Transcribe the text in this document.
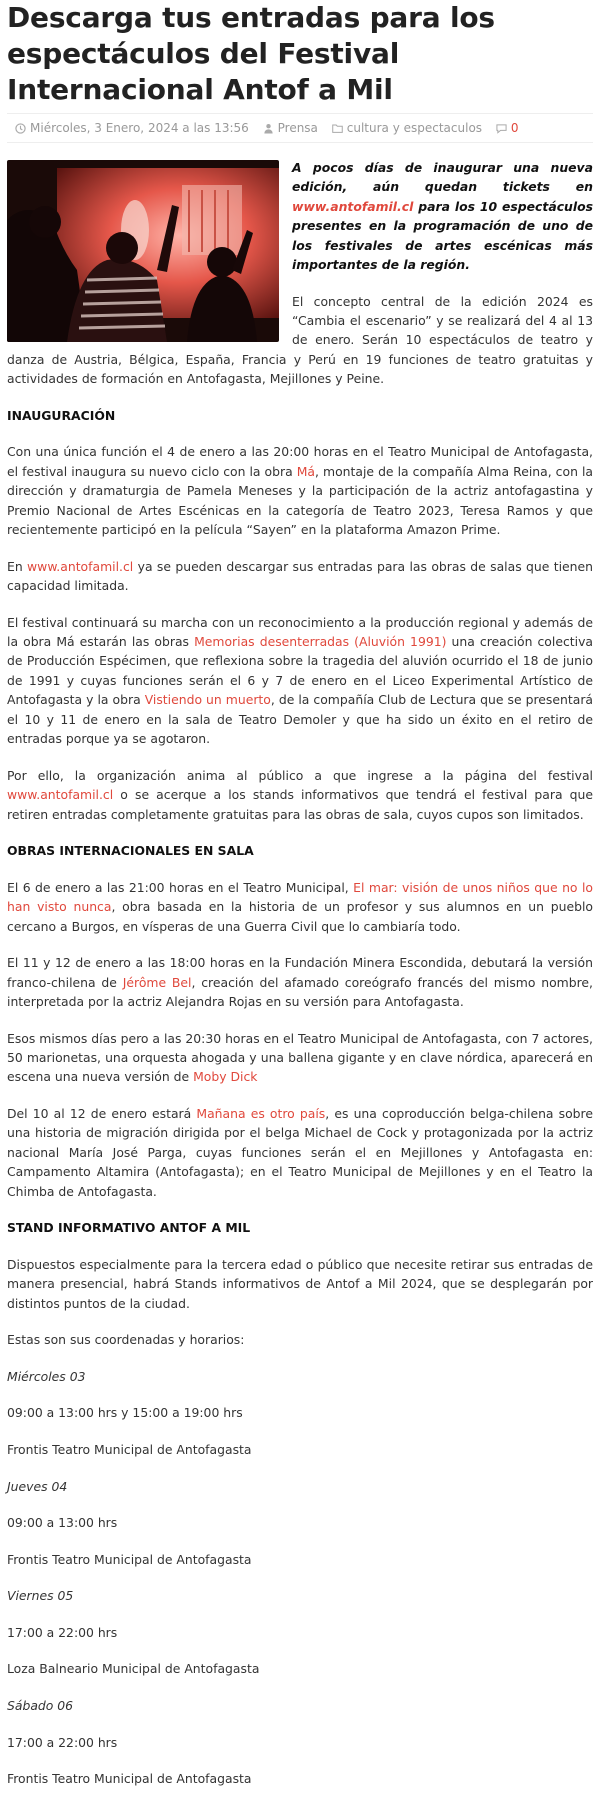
Descarga tus entradas para los espectáculos del Festival Internacional Antof a Mil
Miércoles, 3 Enero, 2024 a las 13:56
Prensa
cultura y espectaculos
0

A pocos días de inaugurar una nueva edición, aún quedan tickets en www.antofamil.cl para los 10 espectáculos presentes en la programación de uno de los festivales de artes escénicas más importantes de la región.

El concepto central de la edición 2024 es “Cambia el escenario” y se realizará del 4 al 13 de enero. Serán 10 espectáculos de teatro y danza de Austria, Bélgica, España, Francia y Perú en 19 funciones de teatro gratuitas y actividades de formación en Antofagasta, Mejillones y Peine.

INAUGURACIÓN

Con una única función el 4 de enero a las 20:00 horas en el Teatro Municipal de Antofagasta, el festival inaugura su nuevo ciclo con la obra Má, montaje de la compañía Alma Reina, con la dirección y dramaturgia de Pamela Meneses y la participación de la actriz antofagastina y Premio Nacional de Artes Escénicas en la categoría de Teatro 2023, Teresa Ramos y que recientemente participó en la película “Sayen” en la plataforma Amazon Prime.

En www.antofamil.cl ya se pueden descargar sus entradas para las obras de salas que tienen capacidad limitada.

El festival continuará su marcha con un reconocimiento a la producción regional y además de la obra Má estarán las obras Memorias desenterradas (Aluvión 1991) una creación colectiva de Producción Espécimen, que reflexiona sobre la tragedia del aluvión ocurrido el 18 de junio de 1991 y cuyas funciones serán el 6 y 7 de enero en el Liceo Experimental Artístico de Antofagasta y la obra Vistiendo un muerto, de la compañía Club de Lectura que se presentará el 10 y 11 de enero en la sala de Teatro Demoler y que ha sido un éxito en el retiro de entradas porque ya se agotaron.

Por ello, la organización anima al público a que ingrese a la página del festival www.antofamil.cl o se acerque a los stands informativos que tendrá el festival para que retiren entradas completamente gratuitas para las obras de sala, cuyos cupos son limitados.

OBRAS INTERNACIONALES EN SALA

El 6 de enero a las 21:00 horas en el Teatro Municipal, El mar: visión de unos niños que no lo han visto nunca, obra basada en la historia de un profesor y sus alumnos en un pueblo cercano a Burgos, en vísperas de una Guerra Civil que lo cambiaría todo.

El 11 y 12 de enero a las 18:00 horas en la Fundación Minera Escondida, debutará la versión franco-chilena de Jérôme Bel, creación del afamado coreógrafo francés del mismo nombre, interpretada por la actriz Alejandra Rojas en su versión para Antofagasta.

Esos mismos días pero a las 20:30 horas en el Teatro Municipal de Antofagasta, con 7 actores, 50 marionetas, una orquesta ahogada y una ballena gigante y en clave nórdica, aparecerá en escena una nueva versión de Moby Dick

Del 10 al 12 de enero estará Mañana es otro país, es una coproducción belga-chilena sobre una historia de migración dirigida por el belga Michael de Cock y protagonizada por la actriz nacional María José Parga, cuyas funciones serán el en Mejillones y Antofagasta en: Campamento Altamira (Antofagasta); en el Teatro Municipal de Mejillones y en el Teatro la Chimba de Antofagasta.

STAND INFORMATIVO ANTOF A MIL

Dispuestos especialmente para la tercera edad o público que necesite retirar sus entradas de manera presencial, habrá Stands informativos de Antof a Mil 2024, que se desplegarán por distintos puntos de la ciudad.

Estas son sus coordenadas y horarios:

Miércoles 03

09:00 a 13:00 hrs y 15:00 a 19:00 hrs

Frontis Teatro Municipal de Antofagasta

Jueves 04

09:00 a 13:00 hrs

Frontis Teatro Municipal de Antofagasta

Viernes 05

17:00 a 22:00 hrs

Loza Balneario Municipal de Antofagasta

Sábado 06

17:00 a 22:00 hrs

Frontis Teatro Municipal de Antofagasta
